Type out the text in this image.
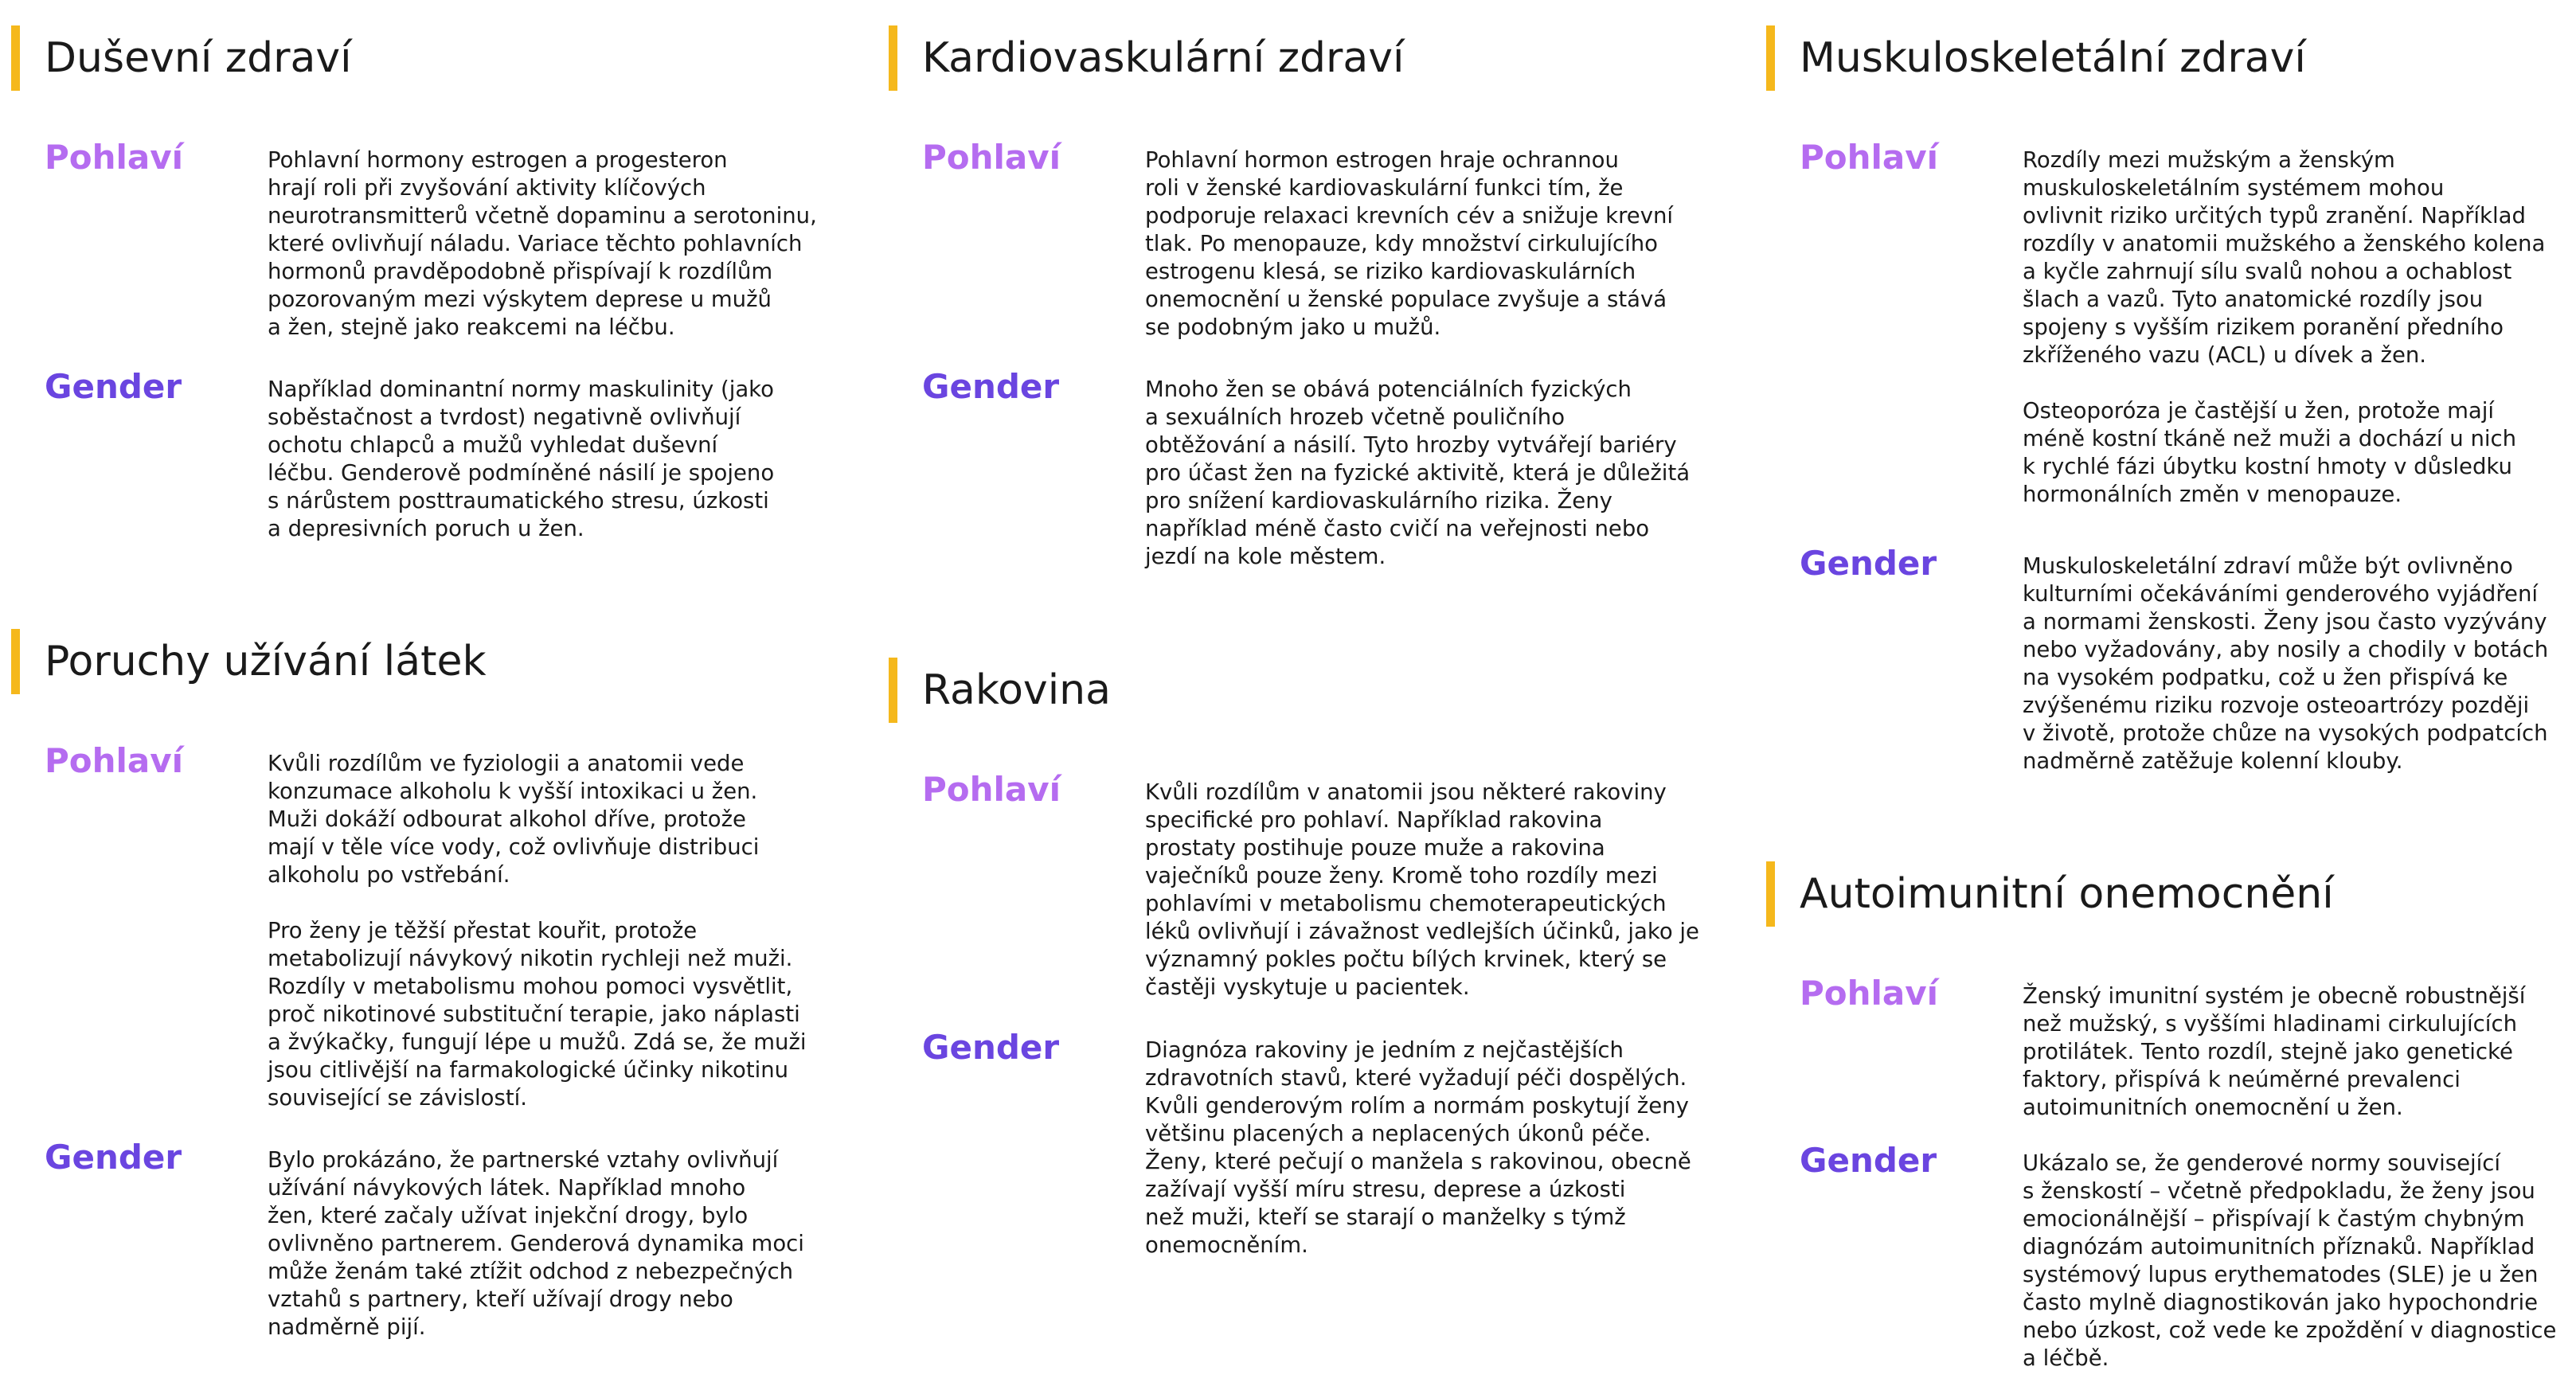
Duševní zdraví
Pohlaví	Pohlavní hormony estrogen a progesteron
hrají roli při zvyšování aktivity klíčových
neurotransmitterů včetně dopaminu a serotoninu,
které ovlivňují náladu. Variace těchto pohlavních
hormonů pravděpodobně přispívají k rozdílům
pozorovaným mezi výskytem deprese u mužů
a žen, stejně jako reakcemi na léčbu.

Gender	Například dominantní normy maskulinity (jako
soběstačnost a tvrdost) negativně ovlivňují
ochotu chlapců a mužů vyhledat duševní
léčbu. Genderově podmíněné násilí je spojeno
s nárůstem posttraumatického stresu, úzkosti
a depresivních poruch u žen.

Poruchy užívání látek
Pohlaví	Kvůli rozdílům ve fyziologii a anatomii vede
konzumace alkoholu k vyšší intoxikaci u žen.
Muži dokáží odbourat alkohol dříve, protože
mají v těle více vody, což ovlivňuje distribuci
alkoholu po vstřebání.

Pro ženy je těžší přestat kouřit, protože
metabolizují návykový nikotin rychleji než muži.
Rozdíly v metabolismu mohou pomoci vysvětlit,
proč nikotinové substituční terapie, jako náplasti
a žvýkačky, fungují lépe u mužů. Zdá se, že muži
jsou citlivější na farmakologické účinky nikotinu
související se závislostí.

Gender	Bylo prokázáno, že partnerské vztahy ovlivňují
užívání návykových látek. Například mnoho
žen, které začaly užívat injekční drogy, bylo
ovlivněno partnerem. Genderová dynamika moci
může ženám také ztížit odchod z nebezpečných
vztahů s partnery, kteří užívají drogy nebo
nadměrně pijí.

Kardiovaskulární zdraví
Pohlaví	Pohlavní hormon estrogen hraje ochrannou
roli v ženské kardiovaskulární funkci tím, že
podporuje relaxaci krevních cév a snižuje krevní
tlak. Po menopauze, kdy množství cirkulujícího
estrogenu klesá, se riziko kardiovaskulárních
onemocnění u ženské populace zvyšuje a stává
se podobným jako u mužů.

Gender	Mnoho žen se obává potenciálních fyzických
a sexuálních hrozeb včetně pouličního
obtěžování a násilí. Tyto hrozby vytvářejí bariéry
pro účast žen na fyzické aktivitě, která je důležitá
pro snížení kardiovaskulárního rizika. Ženy
například méně často cvičí na veřejnosti nebo
jezdí na kole městem.

Rakovina
Pohlaví	Kvůli rozdílům v anatomii jsou některé rakoviny
specifické pro pohlaví. Například rakovina
prostaty postihuje pouze muže a rakovina
vaječníků pouze ženy. Kromě toho rozdíly mezi
pohlavími v metabolismu chemoterapeutických
léků ovlivňují i závažnost vedlejších účinků, jako je
významný pokles počtu bílých krvinek, který se
častěji vyskytuje u pacientek.

Gender	Diagnóza rakoviny je jedním z nejčastějších
zdravotních stavů, které vyžadují péči dospělých.
Kvůli genderovým rolím a normám poskytují ženy
většinu placených a neplacených úkonů péče.
Ženy, které pečují o manžela s rakovinou, obecně
zažívají vyšší míru stresu, deprese a úzkosti
než muži, kteří se starají o manželky s týmž
onemocněním.

Muskuloskeletální zdraví
Pohlaví	Rozdíly mezi mužským a ženským
muskuloskeletálním systémem mohou
ovlivnit riziko určitých typů zranění. Například
rozdíly v anatomii mužského a ženského kolena
a kyčle zahrnují sílu svalů nohou a ochablost
šlach a vazů. Tyto anatomické rozdíly jsou
spojeny s vyšším rizikem poranění předního
zkříženého vazu (ACL) u dívek a žen.

Osteoporóza je častější u žen, protože mají
méně kostní tkáně než muži a dochází u nich
k rychlé fázi úbytku kostní hmoty v důsledku
hormonálních změn v menopauze.

Gender	Muskuloskeletální zdraví může být ovlivněno
kulturními očekáváními genderového vyjádření
a normami ženskosti. Ženy jsou často vyzývány
nebo vyžadovány, aby nosily a chodily v botách
na vysokém podpatku, což u žen přispívá ke
zvýšenému riziku rozvoje osteoartrózy později
v životě, protože chůze na vysokých podpatcích
nadměrně zatěžuje kolenní klouby.

Autoimunitní onemocnění
Pohlaví	Ženský imunitní systém je obecně robustnější
než mužský, s vyššími hladinami cirkulujících
protilátek. Tento rozdíl, stejně jako genetické
faktory, přispívá k neúměrné prevalenci
autoimunitních onemocnění u žen.

Gender	Ukázalo se, že genderové normy související
s ženskostí – včetně předpokladu, že ženy jsou
emocionálnější – přispívají k častým chybným
diagnózám autoimunitních příznaků. Například
systémový lupus erythematodes (SLE) je u žen
často mylně diagnostikován jako hypochondrie
nebo úzkost, což vede ke zpoždění v diagnostice
a léčbě.
